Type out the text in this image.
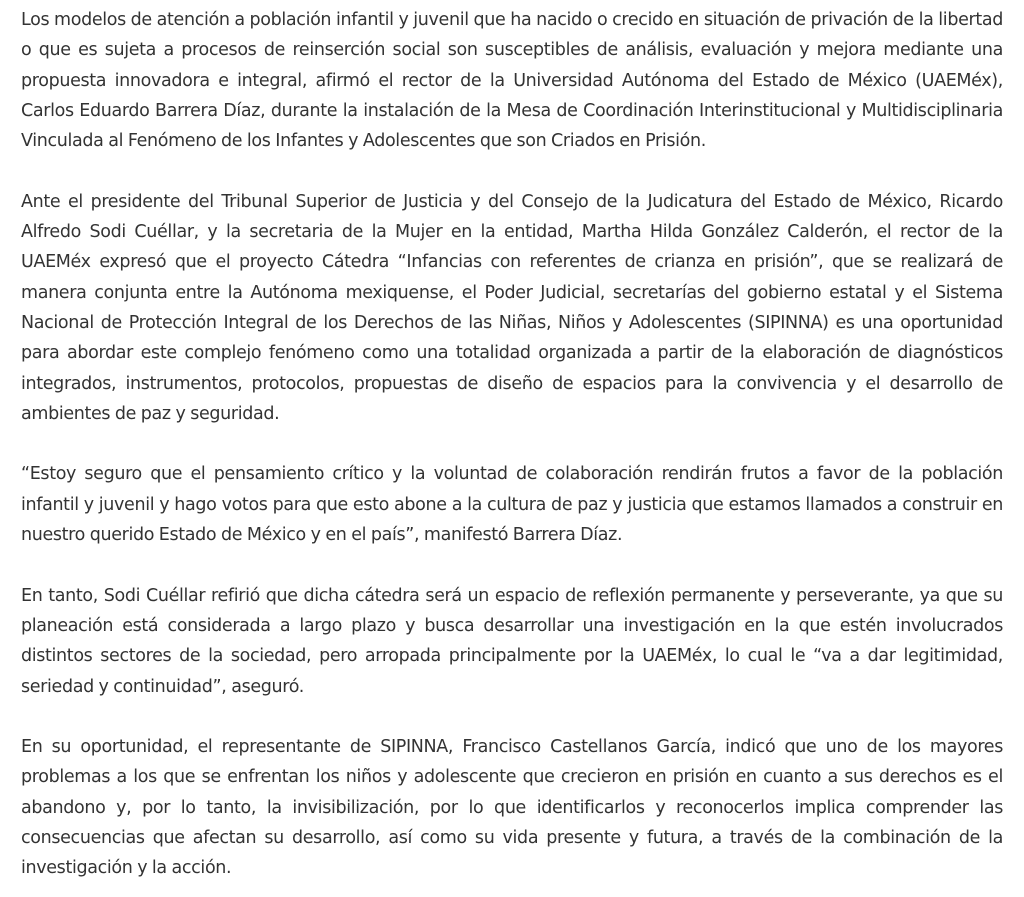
Los modelos de atención a población infantil y juvenil que ha nacido o crecido en situación de privación de la libertad o que es sujeta a procesos de reinserción social son susceptibles de análisis, evaluación y mejora mediante una propuesta innovadora e integral, afirmó el rector de la Universidad Autónoma del Estado de México (UAEMéx), Carlos Eduardo Barrera Díaz, durante la instalación de la Mesa de Coordinación Interinstitucional y Multidisciplinaria Vinculada al Fenómeno de los Infantes y Adolescentes que son Criados en Prisión.

Ante el presidente del Tribunal Superior de Justicia y del Consejo de la Judicatura del Estado de México, Ricardo Alfredo Sodi Cuéllar, y la secretaria de la Mujer en la entidad, Martha Hilda González Calderón, el rector de la UAEMéx expresó que el proyecto Cátedra “Infancias con referentes de crianza en prisión”, que se realizará de manera conjunta entre la Autónoma mexiquense, el Poder Judicial, secretarías del gobierno estatal y el Sistema Nacional de Protección Integral de los Derechos de las Niñas, Niños y Adolescentes (SIPINNA) es una oportunidad para abordar este complejo fenómeno como una totalidad organizada a partir de la elaboración de diagnósticos integrados, instrumentos, protocolos, propuestas de diseño de espacios para la convivencia y el desarrollo de ambientes de paz y seguridad.

“Estoy seguro que el pensamiento crítico y la voluntad de colaboración rendirán frutos a favor de la población infantil y juvenil y hago votos para que esto abone a la cultura de paz y justicia que estamos llamados a construir en nuestro querido Estado de México y en el país”, manifestó Barrera Díaz.

En tanto, Sodi Cuéllar refirió que dicha cátedra será un espacio de reflexión permanente y perseverante, ya que su planeación está considerada a largo plazo y busca desarrollar una investigación en la que estén involucrados distintos sectores de la sociedad, pero arropada principalmente por la UAEMéx, lo cual le “va a dar legitimidad, seriedad y continuidad”, aseguró.

En su oportunidad, el representante de SIPINNA, Francisco Castellanos García, indicó que uno de los mayores problemas a los que se enfrentan los niños y adolescente que crecieron en prisión en cuanto a sus derechos es el abandono y, por lo tanto, la invisibilización, por lo que identificarlos y reconocerlos implica comprender las consecuencias que afectan su desarrollo, así como su vida presente y futura, a través de la combinación de la investigación y la acción.
